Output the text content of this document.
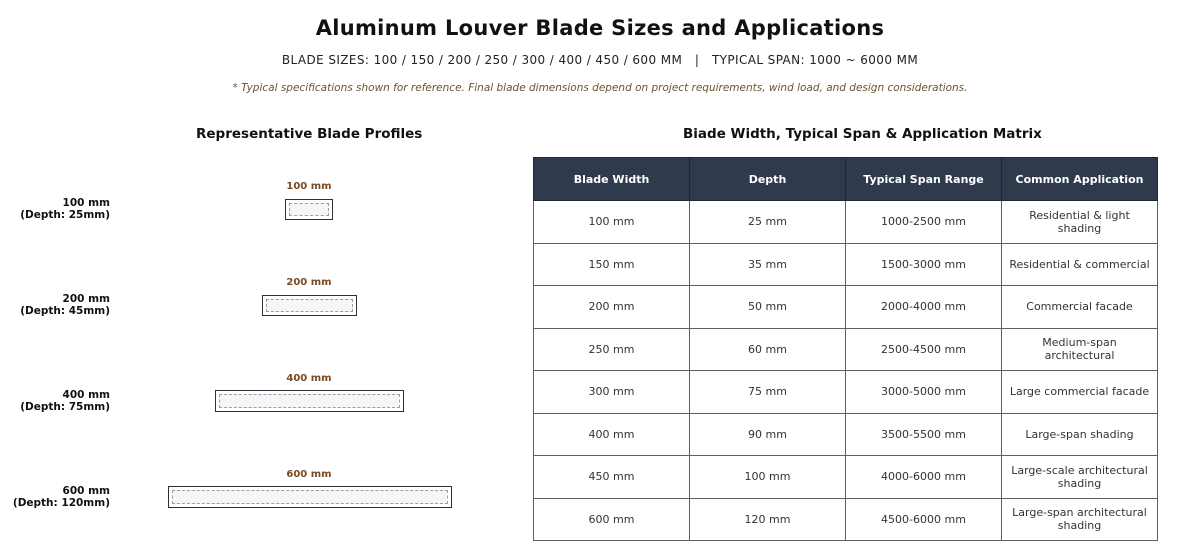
Aluminum Louver Blade Sizes and Applications
BLADE SIZES: 100 / 150 / 200 / 250 / 300 / 400 / 450 / 600 MM   |   TYPICAL SPAN: 1000 ~ 6000 MM
* Typical specifications shown for reference. Final blade dimensions depend on project requirements, wind load, and design considerations.
Representative Blade Profiles
100 mm
(Depth: 25mm)
100 mm
200 mm
(Depth: 45mm)
200 mm
400 mm
(Depth: 75mm)
400 mm
600 mm
(Depth: 120mm)
600 mm
Biade Width, Typical Span & Application Matrix
Blade Width	Depth	Typical Span Range	Common Application
100 mm	25 mm	1000-2500 mm	Residential & light shading
150 mm	35 mm	1500-3000 mm	Residential & commercial
200 mm	50 mm	2000-4000 mm	Commercial facade
250 mm	60 mm	2500-4500 mm	Medium-span architectural
300 mm	75 mm	3000-5000 mm	Large commercial facade
400 mm	90 mm	3500-5500 mm	Large-span shading
450 mm	100 mm	4000-6000 mm	Large-scale architectural shading
600 mm	120 mm	4500-6000 mm	Large-span architectural shading
